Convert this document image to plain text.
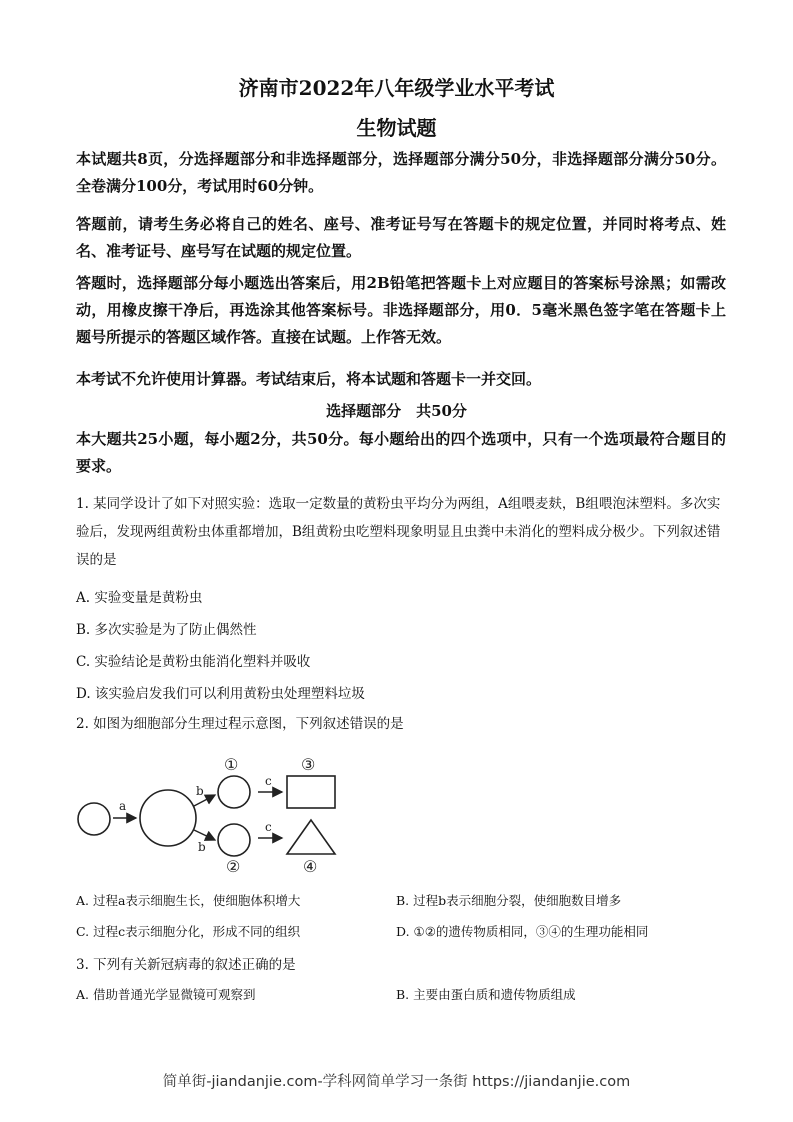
济南市2022年八年级学业水平考试
生物试题
本试题共8页，分选择题部分和非选择题部分，选择题部分满分50分，非选择题部分满分50分。全卷满分100分，考试用时60分钟。
答题前，请考生务必将自己的姓名、座号、准考证号写在答题卡的规定位置，并同时将考点、姓名、准考证号、座号写在试题的规定位置。
答题时，选择题部分每小题选出答案后，用2B铅笔把答题卡上对应题目的答案标号涂黑；如需改动，用橡皮擦干净后，再选涂其他答案标号。非选择题部分，用0．5毫米黑色签字笔在答题卡上题号所提示的答题区域作答。直接在试题。上作答无效。
本考试不允许使用计算器。考试结束后，将本试题和答题卡一并交回。
选择题部分　共50分
本大题共25小题，每小题2分，共50分。每小题给出的四个选项中，只有一个选项最符合题目的要求。
1. 某同学设计了如下对照实验：选取一定数量的黄粉虫平均分为两组，A组喂麦麸，B组喂泡沫塑料。多次实验后，发现两组黄粉虫体重都增加，B组黄粉虫吃塑料现象明显且虫粪中未消化的塑料成分极少。下列叙述错误的是
A. 实验变量是黄粉虫
B. 多次实验是为了防止偶然性
C. 实验结论是黄粉虫能消化塑料并吸收
D. 该实验启发我们可以利用黄粉虫处理塑料垃圾
2. 如图为细胞部分生理过程示意图，下列叙述错误的是
a
b
b
①
②
c
c
③
④
A. 过程a表示细胞生长，使细胞体积增大	B. 过程b表示细胞分裂，使细胞数目增多
C. 过程c表示细胞分化，形成不同的组织	D. ①②的遗传物质相同，③④的生理功能相同
3. 下列有关新冠病毒的叙述正确的是
A. 借助普通光学显微镜可观察到	B. 主要由蛋白质和遗传物质组成
简单街-jiandanjie.com-学科网简单学习一条街 https://jiandanjie.com
